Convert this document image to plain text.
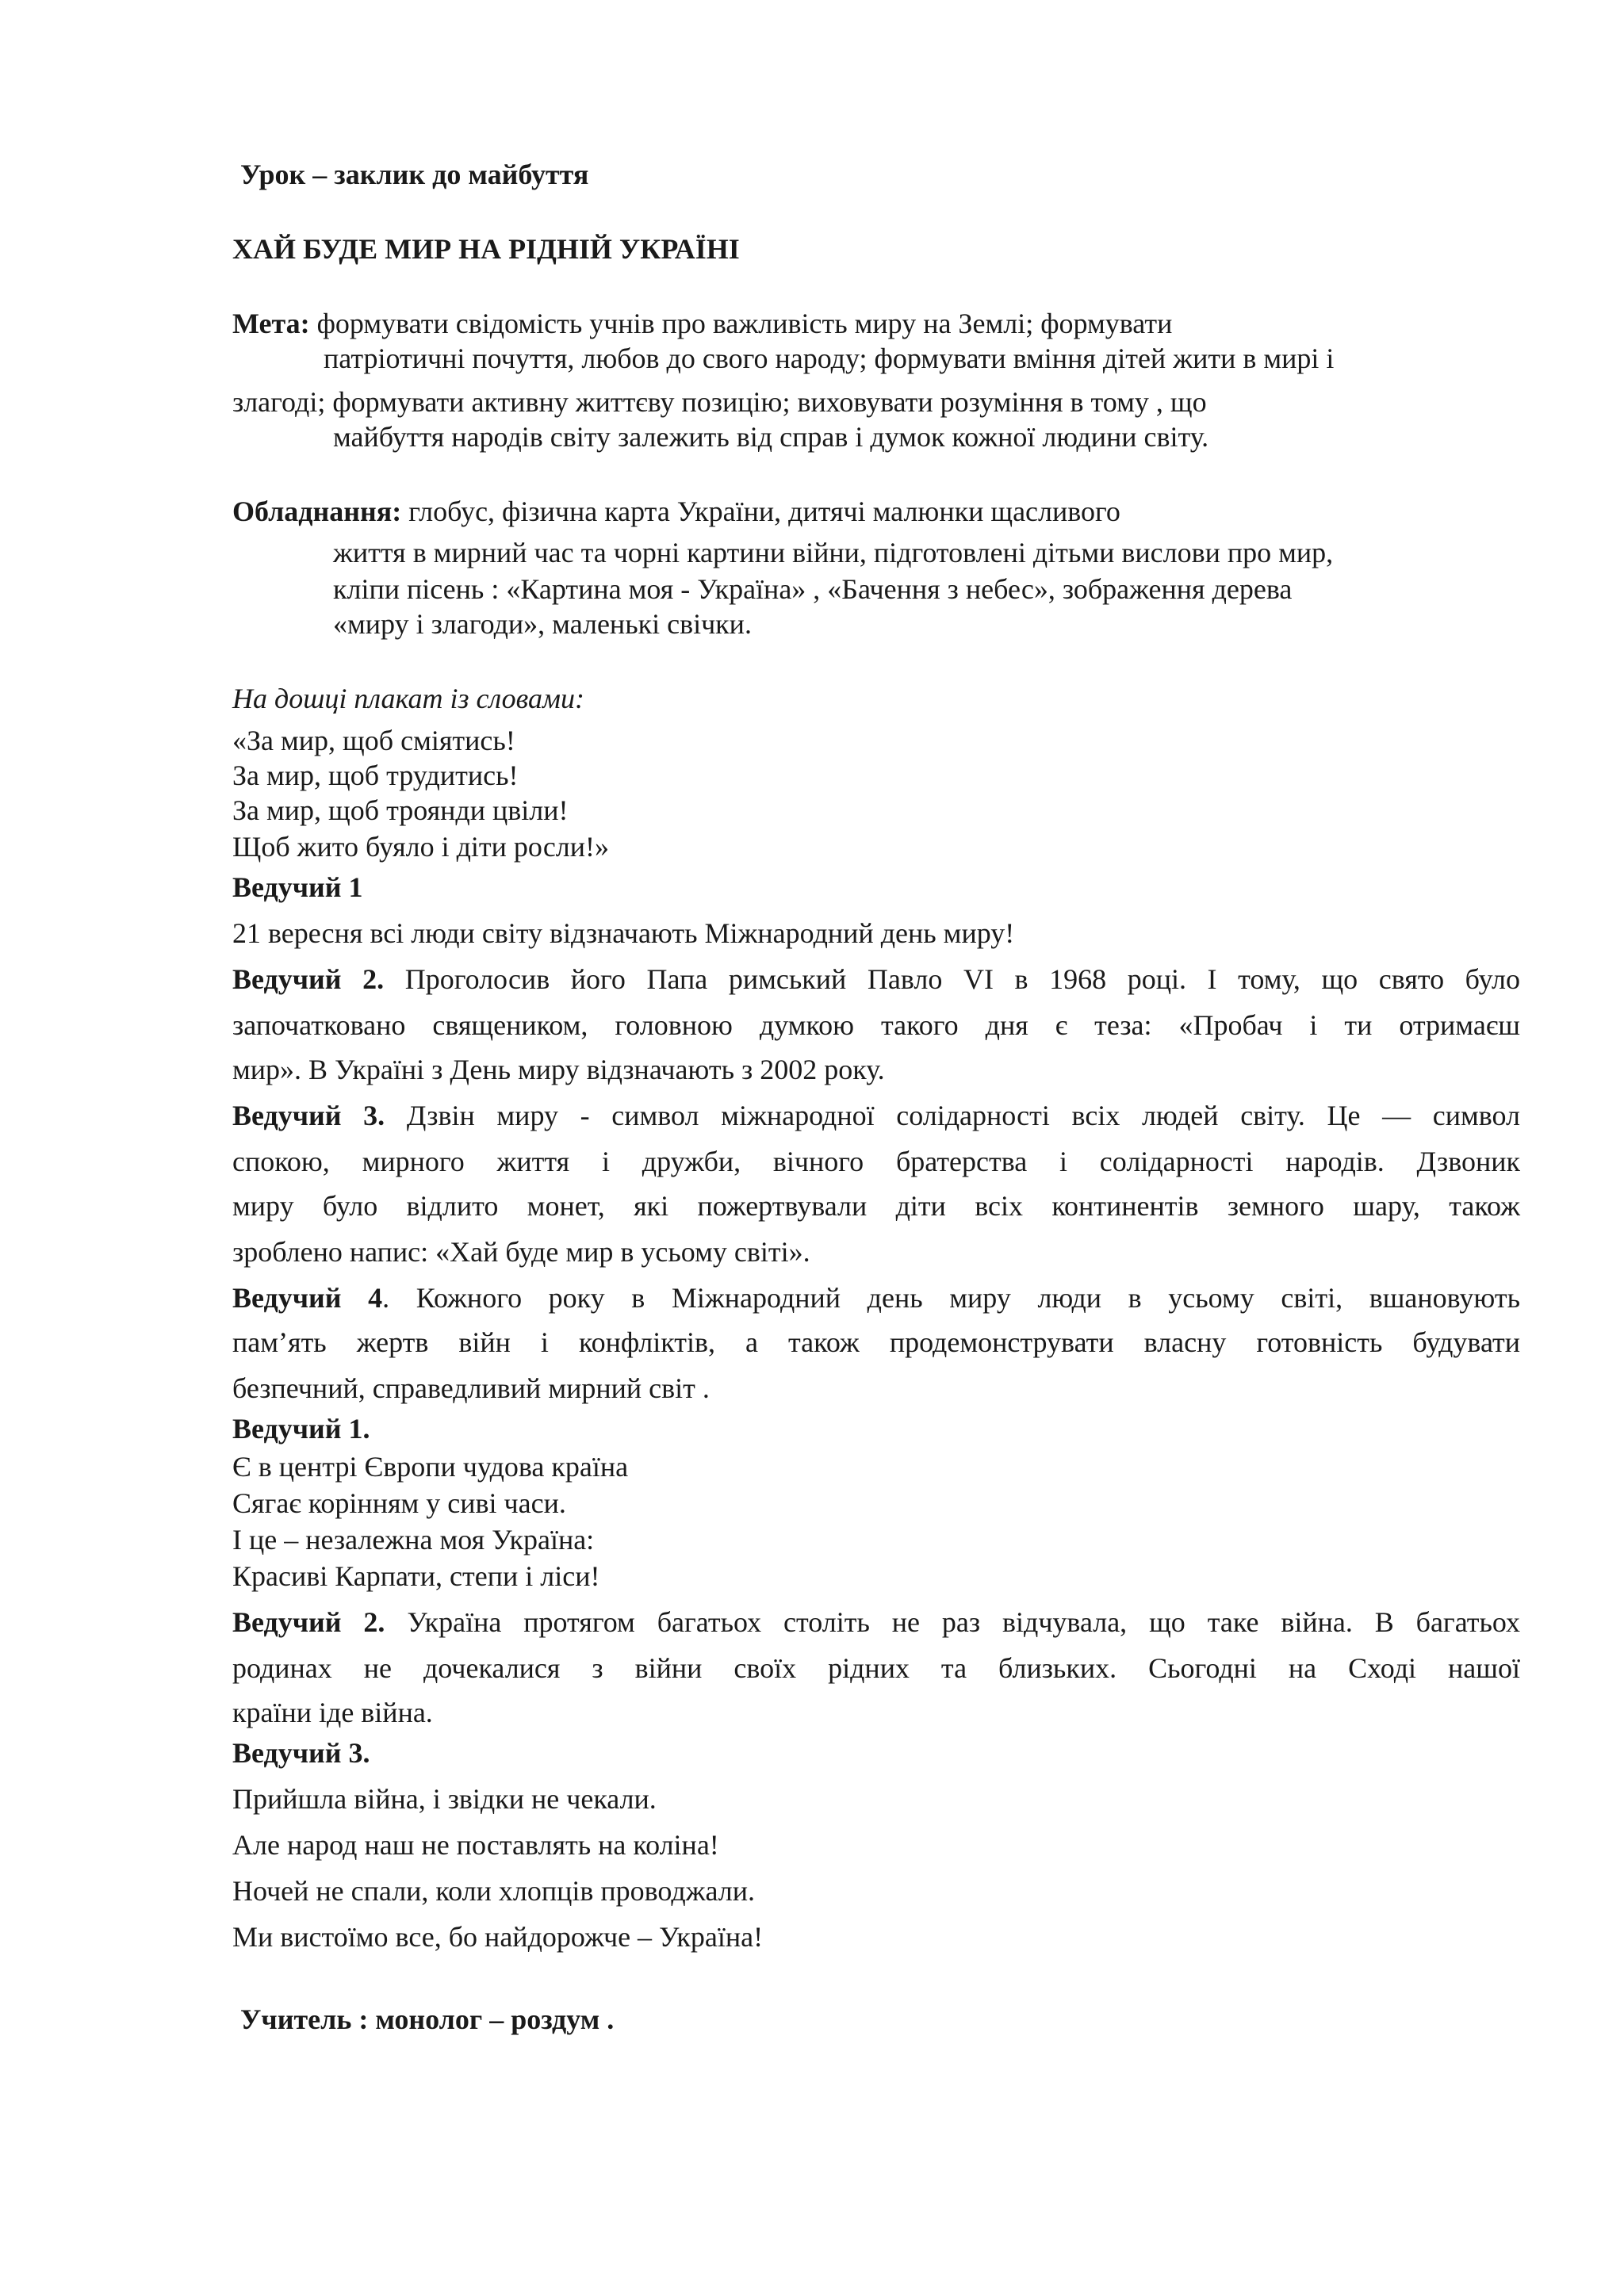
Урок – заклик до майбуття

ХАЙ БУДЕ МИР НА РІДНІЙ УКРАЇНІ

Мета: формувати свідомість учнів про важливість миру на Землі; формувати

патріотичні почуття, любов до свого народу; формувати вміння дітей жити в мирі і

злагоді; формувати активну життєву позицію; виховувати розуміння в тому , що

майбуття народів світу залежить від справ і думок кожної людини світу.

Обладнання: глобус, фізична карта України, дитячі малюнки щасливого

життя в мирний час та чорні картини війни, підготовлені дітьми вислови про мир,

кліпи пісень : «Картина моя - Україна» , «Бачення з небес», зображення дерева

«миру і злагоди», маленькі свічки.

На дошці плакат із словами:

«За мир, щоб сміятись!

За мир, щоб трудитись!

За мир, щоб троянди цвіли!

Щоб жито буяло і діти росли!»

Ведучий 1

21 вересня всі люди світу відзначають Міжнародний день миру!

Ведучий 2. Проголосив його Папа римський Павло VI в 1968 році. І тому, що свято було

започатковано священиком, головною думкою такого дня є теза: «Пробач і ти отримаєш

мир». В Україні з День миру відзначають з 2002 року.

Ведучий 3. Дзвін миру - символ міжнародної солідарності всіх людей світу. Це — символ

спокою, мирного життя і дружби, вічного братерства і солідарності народів. Дзвоник

миру було відлито монет, які пожертвували діти всіх континентів земного шару, також

зроблено напис: «Хай буде мир в усьому світі».

Ведучий 4. Кожного року в Міжнародний день миру люди в усьому світі, вшановують

пам’ять жертв війн і конфліктів, а також продемонструвати власну готовність будувати

безпечний, справедливий мирний світ .

Ведучий 1.

Є в центрі Європи чудова країна

Сягає корінням у сиві часи.

І це – незалежна моя Україна:

Красиві Карпати, степи і ліси!

Ведучий 2. Україна протягом багатьох століть не раз відчувала, що таке війна. В багатьох

родинах не дочекалися з війни своїх рідних та близьких. Сьогодні на Сході нашої

країни іде війна.

Ведучий 3.

Прийшла війна, і звідки не чекали.

Але народ наш не поставлять на коліна!

Ночей не спали, коли хлопців проводжали.

Ми вистоїмо все, бо найдорожче – Україна!

Учитель : монолог – роздум .
